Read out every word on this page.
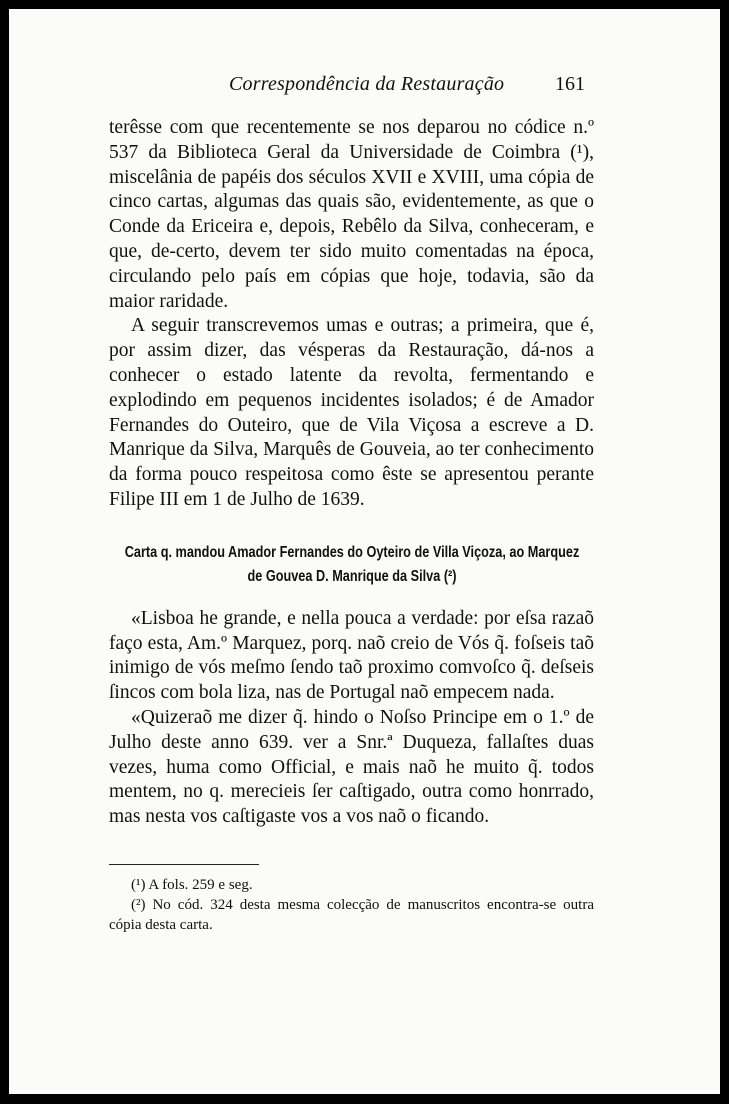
Correspondência da Restauração	161

terêsse com que recentemente se nos deparou no códice n.º 537 da Biblioteca Geral da Universidade de Coimbra (¹), miscelânia de papéis dos séculos XVII e XVIII, uma cópia de cinco cartas, algumas das quais são, evidentemente, as que o Conde da Ericeira e, depois, Rebêlo da Silva, conheceram, e que, de-certo, devem ter sido muito comentadas na época, circulando pelo país em cópias que hoje, todavia, são da maior raridade.

A seguir transcrevemos umas e outras; a primeira, que é, por assim dizer, das vésperas da Restauração, dá-nos a conhecer o estado latente da revolta, fermentando e explodindo em pequenos incidentes isolados; é de Amador Fernandes do Outeiro, que de Vila Viçosa a escreve a D. Manrique da Silva, Marquês de Gouveia, ao ter conhecimento da forma pouco respeitosa como êste se apresentou perante Filipe III em 1 de Julho de 1639.

Carta q. mandou Amador Fernandes do Oyteiro de Villa Viçoza, ao Marquez
de Gouvea D. Manrique da Silva (²)

«Lisboa he grande, e nella pouca a verdade: por eſsa razaõ faço esta, Am.º Marquez, porq. naõ creio de Vós q̃. foſseis taõ inimigo de vós meſmo ſendo taõ proximo comvoſco q̃. deſseis ſincos com bola liza, nas de Portugal naõ empecem nada.

«Quizeraõ me dizer q̃. hindo o Noſso Principe em o 1.º de Julho deste anno 639. ver a Snr.ª Duqueza, fallaſtes duas vezes, huma como Official, e mais naõ he muito q̃. todos mentem, no q. merecieis ſer caſtigado, outra como honrrado, mas nesta vos caſtigaste vos a vos naõ o ficando.

(¹) A fols. 259 e seg.

(²) No cód. 324 desta mesma colecção de manuscritos encontra-se outra cópia desta carta.
